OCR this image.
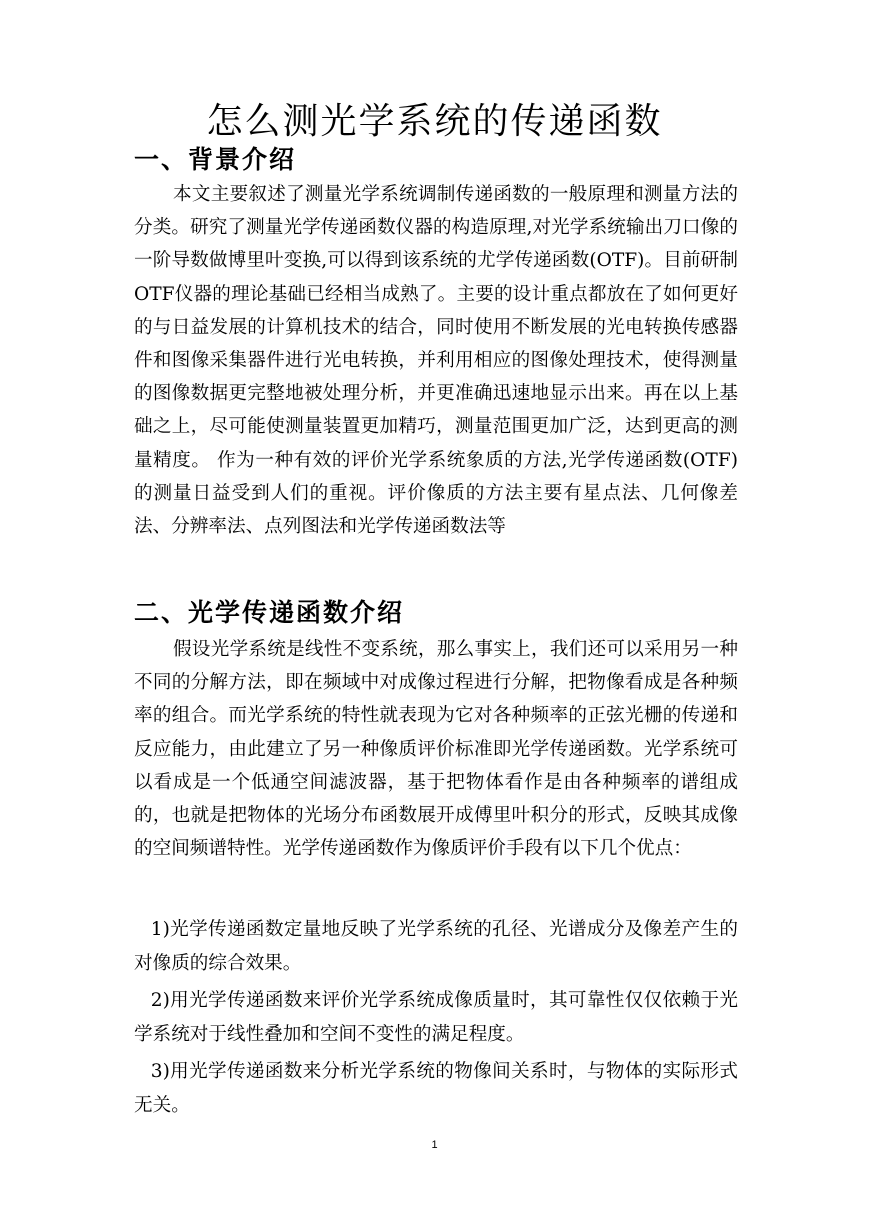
怎么测光学系统的传递函数
一、背景介绍

本文主要叙述了测量光学系统调制传递函数的一般原理和测量方法的分类。研究了测量光学传递函数仪器的构造原理,对光学系统输出刀口像的一阶导数做博里叶变换,可以得到该系统的尤学传递函数(OTF)。目前研制OTF仪器的理论基础已经相当成熟了。主要的设计重点都放在了如何更好的与日益发展的计算机技术的结合，同时使用不断发展的光电转换传感器件和图像采集器件进行光电转换，并利用相应的图像处理技术，使得测量的图像数据更完整地被处理分析，并更准确迅速地显示出来。再在以上基础之上，尽可能使测量装置更加精巧，测量范围更加广泛，达到更高的测量精度。 作为一种有效的评价光学系统象质的方法,光学传递函数(OTF)的测量日益受到人们的重视。评价像质的方法主要有星点法、几何像差法、分辨率法、点列图法和光学传递函数法等

二、光学传递函数介绍

假设光学系统是线性不变系统，那么事实上，我们还可以采用另一种不同的分解方法，即在频域中对成像过程进行分解，把物像看成是各种频率的组合。而光学系统的特性就表现为它对各种频率的正弦光栅的传递和反应能力，由此建立了另一种像质评价标准即光学传递函数。光学系统可以看成是一个低通空间滤波器，基于把物体看作是由各种频率的谱组成的，也就是把物体的光场分布函数展开成傅里叶积分的形式，反映其成像的空间频谱特性。光学传递函数作为像质评价手段有以下几个优点：

1)光学传递函数定量地反映了光学系统的孔径、光谱成分及像差产生的对像质的综合效果。

2)用光学传递函数来评价光学系统成像质量时，其可靠性仅仅依赖于光学系统对于线性叠加和空间不变性的满足程度。

3)用光学传递函数来分析光学系统的物像间关系时，与物体的实际形式无关。

1
